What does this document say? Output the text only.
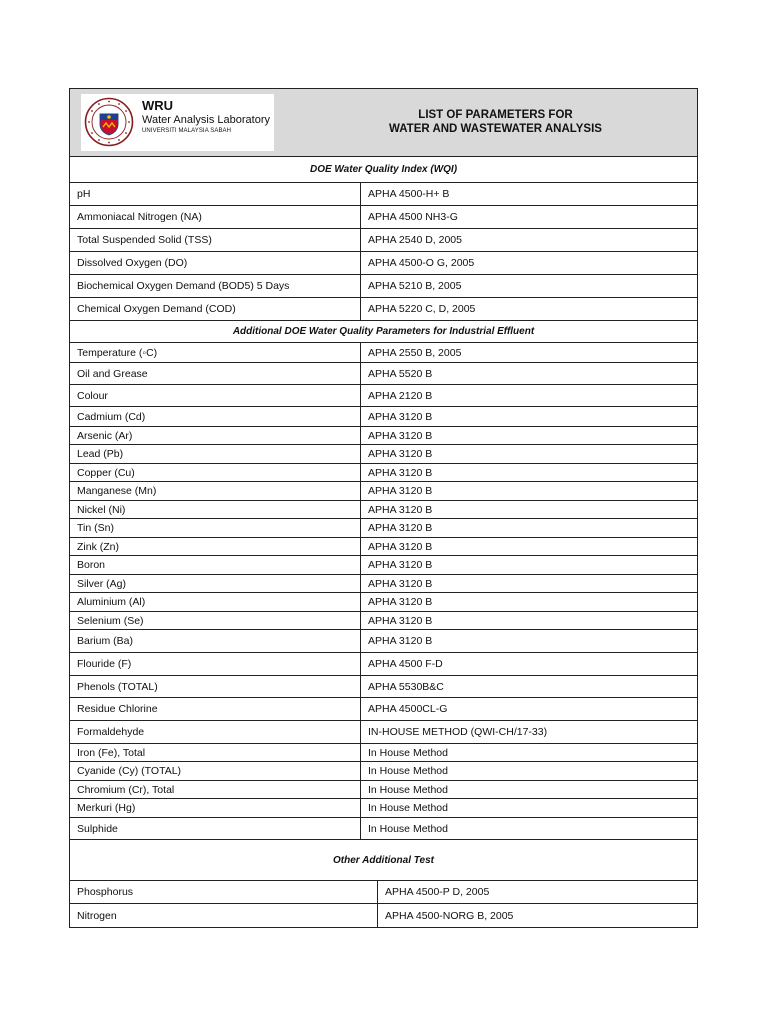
WRU
Water Analysis Laboratory
UNIVERSITI MALAYSIA SABAH
LIST OF PARAMETERS FOR
WATER AND WASTEWATER ANALYSIS
DOE Water Quality Index (WQI)
pH	APHA 4500-H+ B
Ammoniacal Nitrogen (NA)	APHA 4500 NH3-G
Total Suspended Solid (TSS)	APHA 2540 D, 2005
Dissolved Oxygen (DO)	APHA 4500-O G, 2005
Biochemical Oxygen Demand (BOD5) 5 Days	APHA 5210 B, 2005
Chemical Oxygen Demand (COD)	APHA 5220 C, D, 2005
Additional DOE Water Quality Parameters for Industrial Effluent
Temperature (◦C)	APHA 2550 B, 2005
Oil and Grease	APHA 5520 B
Colour	APHA 2120 B
Cadmium (Cd)	APHA 3120 B
Arsenic (Ar)	APHA 3120 B
Lead (Pb)	APHA 3120 B
Copper (Cu)	APHA 3120 B
Manganese (Mn)	APHA 3120 B
Nickel (Ni)	APHA 3120 B
Tin (Sn)	APHA 3120 B
Zink (Zn)	APHA 3120 B
Boron	APHA 3120 B
Silver (Ag)	APHA 3120 B
Aluminium (Al)	APHA 3120 B
Selenium (Se)	APHA 3120 B
Barium (Ba)	APHA 3120 B
Flouride (F)	APHA 4500 F-D
Phenols (TOTAL)	APHA 5530B&C
Residue Chlorine	APHA 4500CL-G
Formaldehyde	IN-HOUSE METHOD (QWI-CH/17-33)
Iron (Fe), Total	In House Method
Cyanide (Cy) (TOTAL)	In House Method
Chromium (Cr), Total	In House Method
Merkuri (Hg)	In House Method
Sulphide	In House Method
Other Additional Test
Phosphorus	APHA 4500-P D, 2005
Nitrogen	APHA 4500-NORG B, 2005
